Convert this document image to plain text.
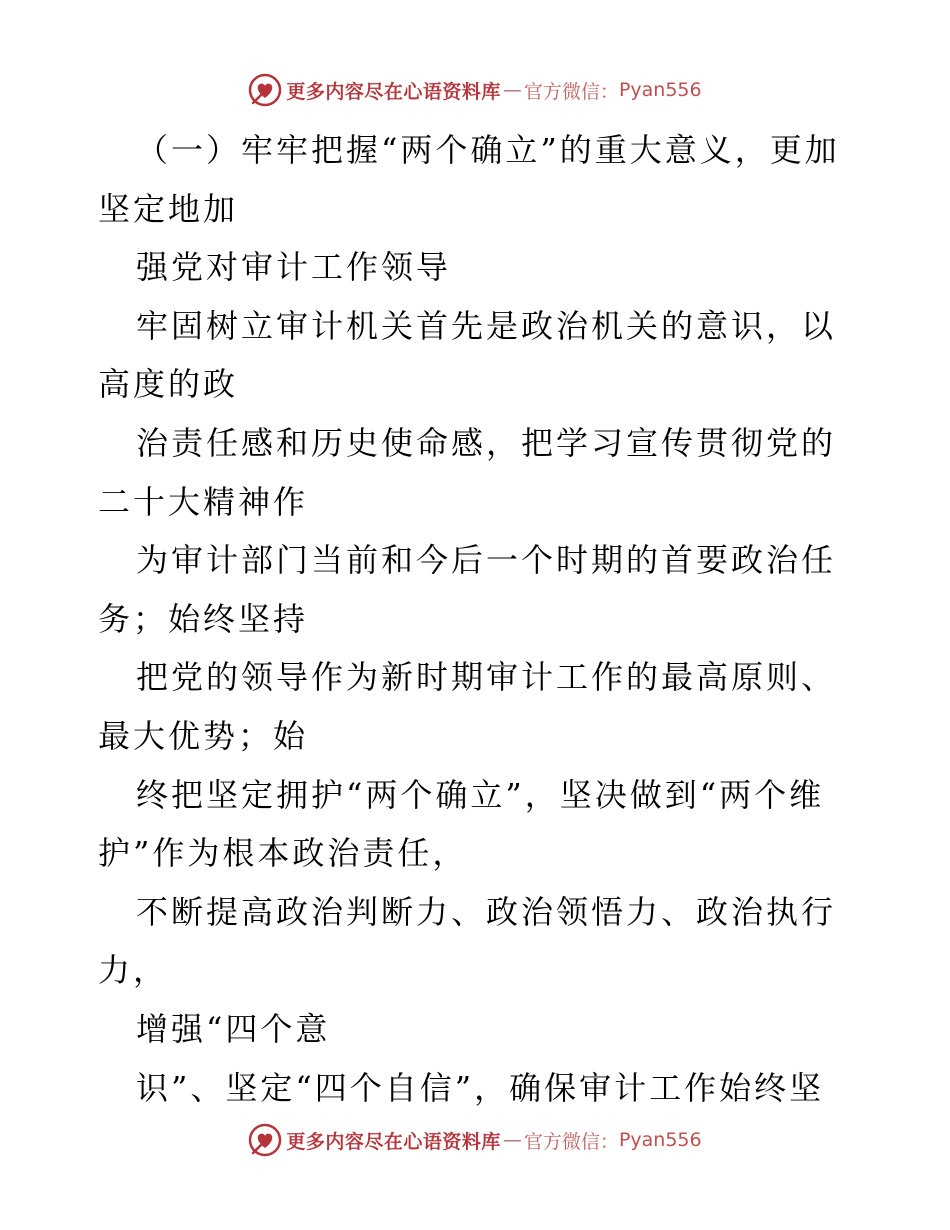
更多内容尽在心语资料库 — 官方微信： Pyan556

（一）牢牢把握“两个确立”的重大意义，更加坚定地加

强党对审计工作领导

牢固树立审计机关首先是政治机关的意识，以高度的政

治责任感和历史使命感，把学习宣传贯彻党的二十大精神作

为审计部门当前和今后一个时期的首要政治任务；始终坚持

把党的领导作为新时期审计工作的最高原则、最大优势；始

终把坚定拥护“两个确立”，坚决做到“两个维护”作为根本政治责任，

不断提高政治判断力、政治领悟力、政治执行力，

增强“四个意

识”、坚定“四个自信”，确保审计工作始终坚

更多内容尽在心语资料库 — 官方微信： Pyan556
